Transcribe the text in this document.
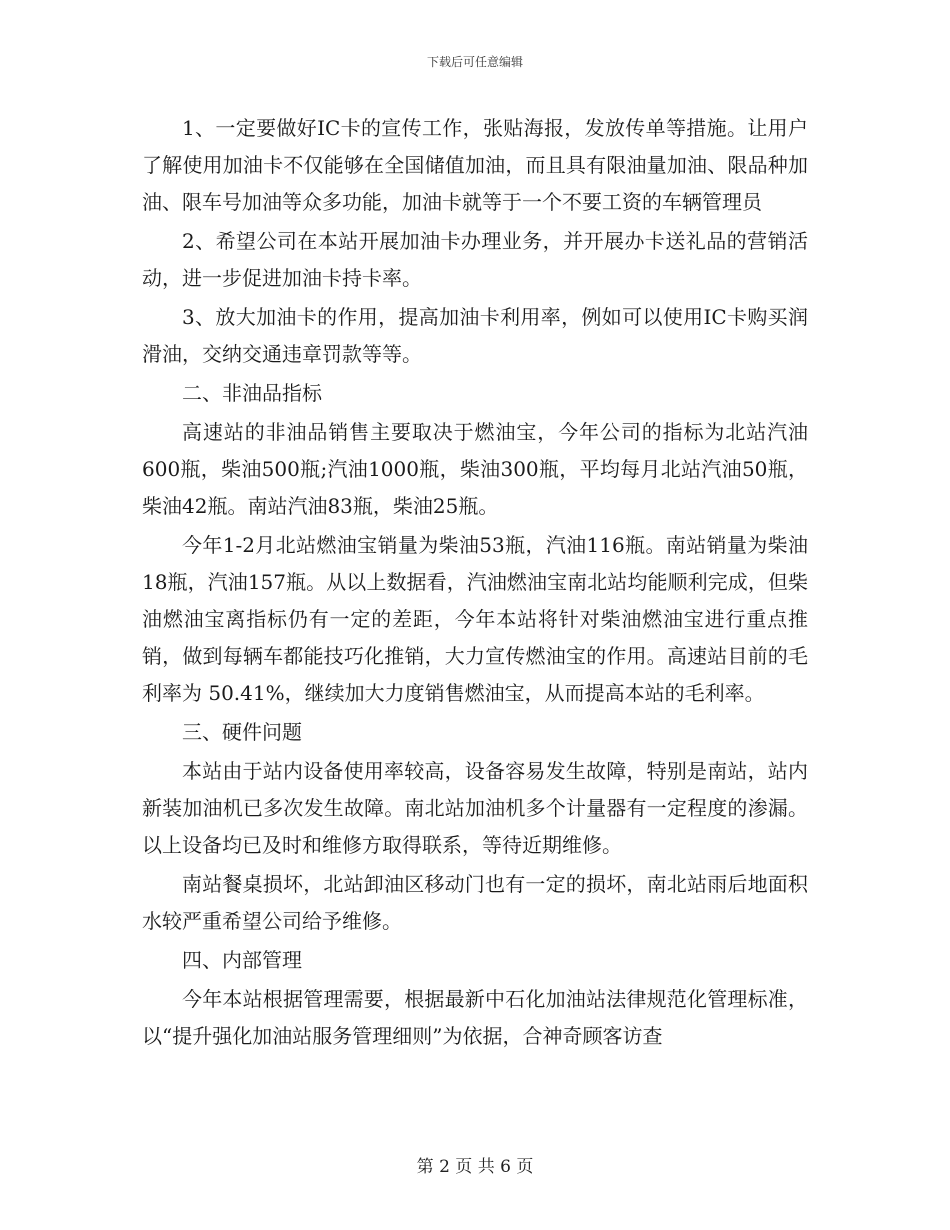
下载后可任意编辑

1、一定要做好IC卡的宣传工作，张贴海报，发放传单等措施。让用户了解使用加油卡不仅能够在全国储值加油，而且具有限油量加油、限品种加油、限车号加油等众多功能，加油卡就等于一个不要工资的车辆管理员

2、希望公司在本站开展加油卡办理业务，并开展办卡送礼品的营销活动，进一步促进加油卡持卡率。

3、放大加油卡的作用，提高加油卡利用率，例如可以使用IC卡购买润滑油，交纳交通违章罚款等等。

二、非油品指标

高速站的非油品销售主要取决于燃油宝，今年公司的指标为北站汽油600瓶，柴油500瓶;汽油1000瓶，柴油300瓶，平均每月北站汽油50瓶，柴油42瓶。南站汽油83瓶，柴油25瓶。

今年1-2月北站燃油宝销量为柴油53瓶，汽油116瓶。南站销量为柴油18瓶，汽油157瓶。从以上数据看，汽油燃油宝南北站均能顺利完成，但柴油燃油宝离指标仍有一定的差距，今年本站将针对柴油燃油宝进行重点推销，做到每辆车都能技巧化推销，大力宣传燃油宝的作用。高速站目前的毛利率为 50.41%，继续加大力度销售燃油宝，从而提高本站的毛利率。

三、硬件问题

本站由于站内设备使用率较高，设备容易发生故障，特别是南站，站内新装加油机已多次发生故障。南北站加油机多个计量器有一定程度的渗漏。以上设备均已及时和维修方取得联系，等待近期维修。

南站餐桌损坏，北站卸油区移动门也有一定的损坏，南北站雨后地面积水较严重希望公司给予维修。

四、内部管理

今年本站根据管理需要，根据最新中石化加油站法律规范化管理标准，以“提升强化加油站服务管理细则”为依据，合神奇顾客访查

第 2 页 共 6 页
